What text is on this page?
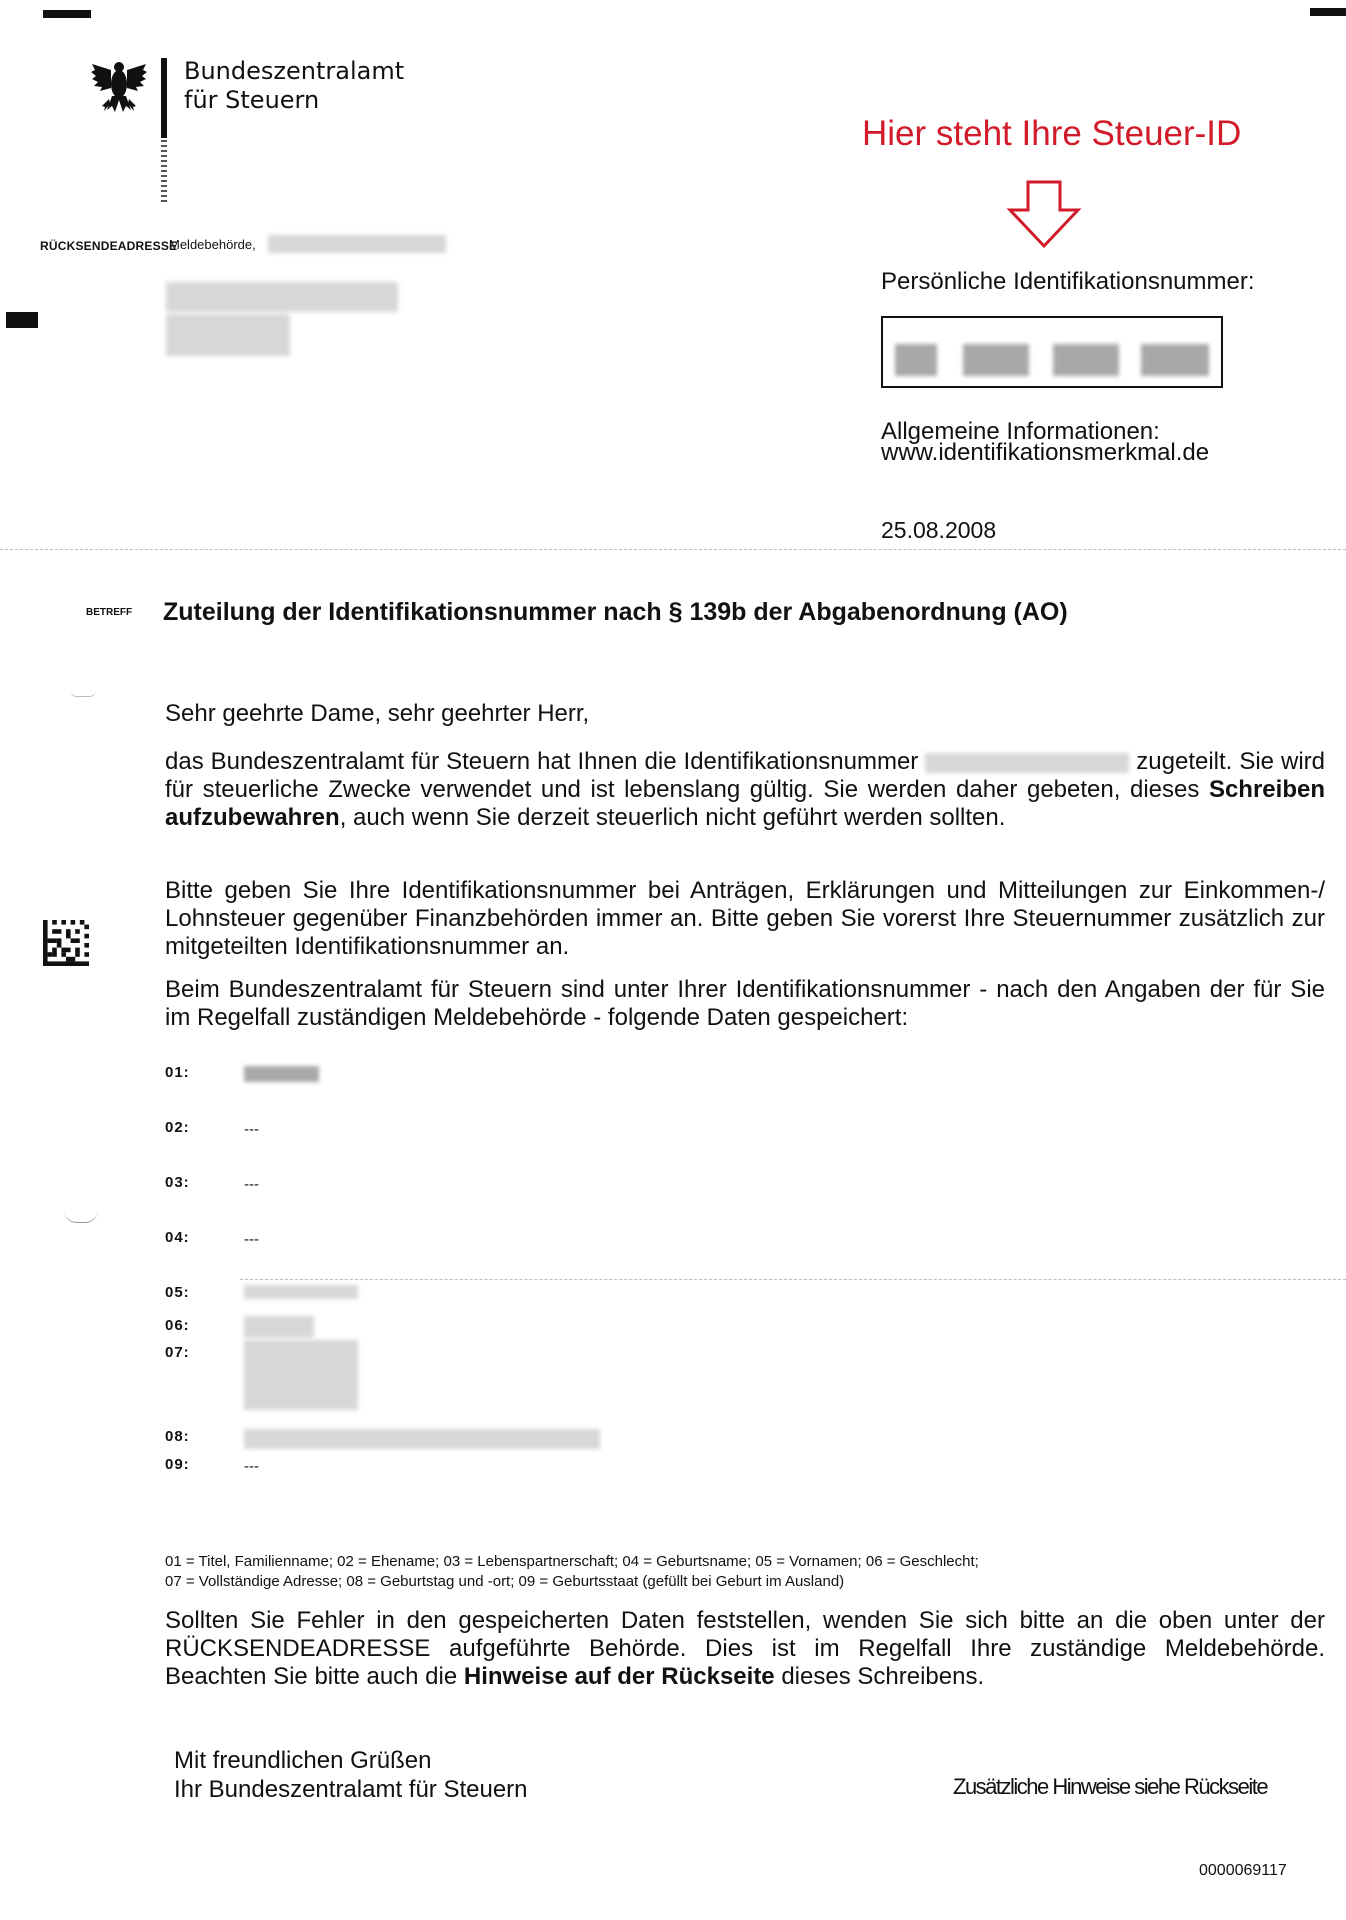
Bundeszentralamt
für Steuern
RÜCKSENDEADRESSE
Meldebehörde,
Hier steht Ihre Steuer-ID
Persönliche Identifikationsnummer:
Allgemeine Informationen:
www.identifikationsmerkmal.de
25.08.2008
BETREFF Zuteilung der Identifikationsnummer nach § 139b der Abgabenordnung (AO)
Sehr geehrte Dame, sehr geehrter Herr,
das Bundeszentralamt für Steuern hat Ihnen die Identifikationsnummer	zugeteilt. Sie wird für steuerliche Zwecke verwendet und ist lebenslang gültig. Sie werden daher gebeten, dieses Schreiben aufzubewahren, auch wenn Sie derzeit steuerlich nicht geführt werden sollten.
Bitte geben Sie Ihre Identifikationsnummer bei Anträgen, Erklärungen und Mitteilungen zur Einkommen-/ Lohnsteuer gegenüber Finanzbehörden immer an. Bitte geben Sie vorerst Ihre Steuernummer zusätzlich zur mitgeteilten Identifikationsnummer an.
Beim Bundeszentralamt für Steuern sind unter Ihrer Identifikationsnummer - nach den Angaben der für Sie im Regelfall zuständigen Meldebehörde - folgende Daten gespeichert:
01:
02:	---
03:	---
04:	---
05:
06:
07:
08:
09:	---
01 = Titel, Familienname; 02 = Ehename; 03 = Lebenspartnerschaft; 04 = Geburtsname; 05 = Vornamen; 06 = Geschlecht;
07 = Vollständige Adresse; 08 = Geburtstag und -ort; 09 = Geburtsstaat (gefüllt bei Geburt im Ausland)
Sollten Sie Fehler in den gespeicherten Daten feststellen, wenden Sie sich bitte an die oben unter der RÜCKSENDEADRESSE aufgeführte Behörde. Dies ist im Regelfall Ihre zuständige Meldebehörde. Beachten Sie bitte auch die Hinweise auf der Rückseite dieses Schreibens.
Mit freundlichen Grüßen
Ihr Bundeszentralamt für Steuern	Zusätzliche Hinweise siehe Rückseite
0000069117
